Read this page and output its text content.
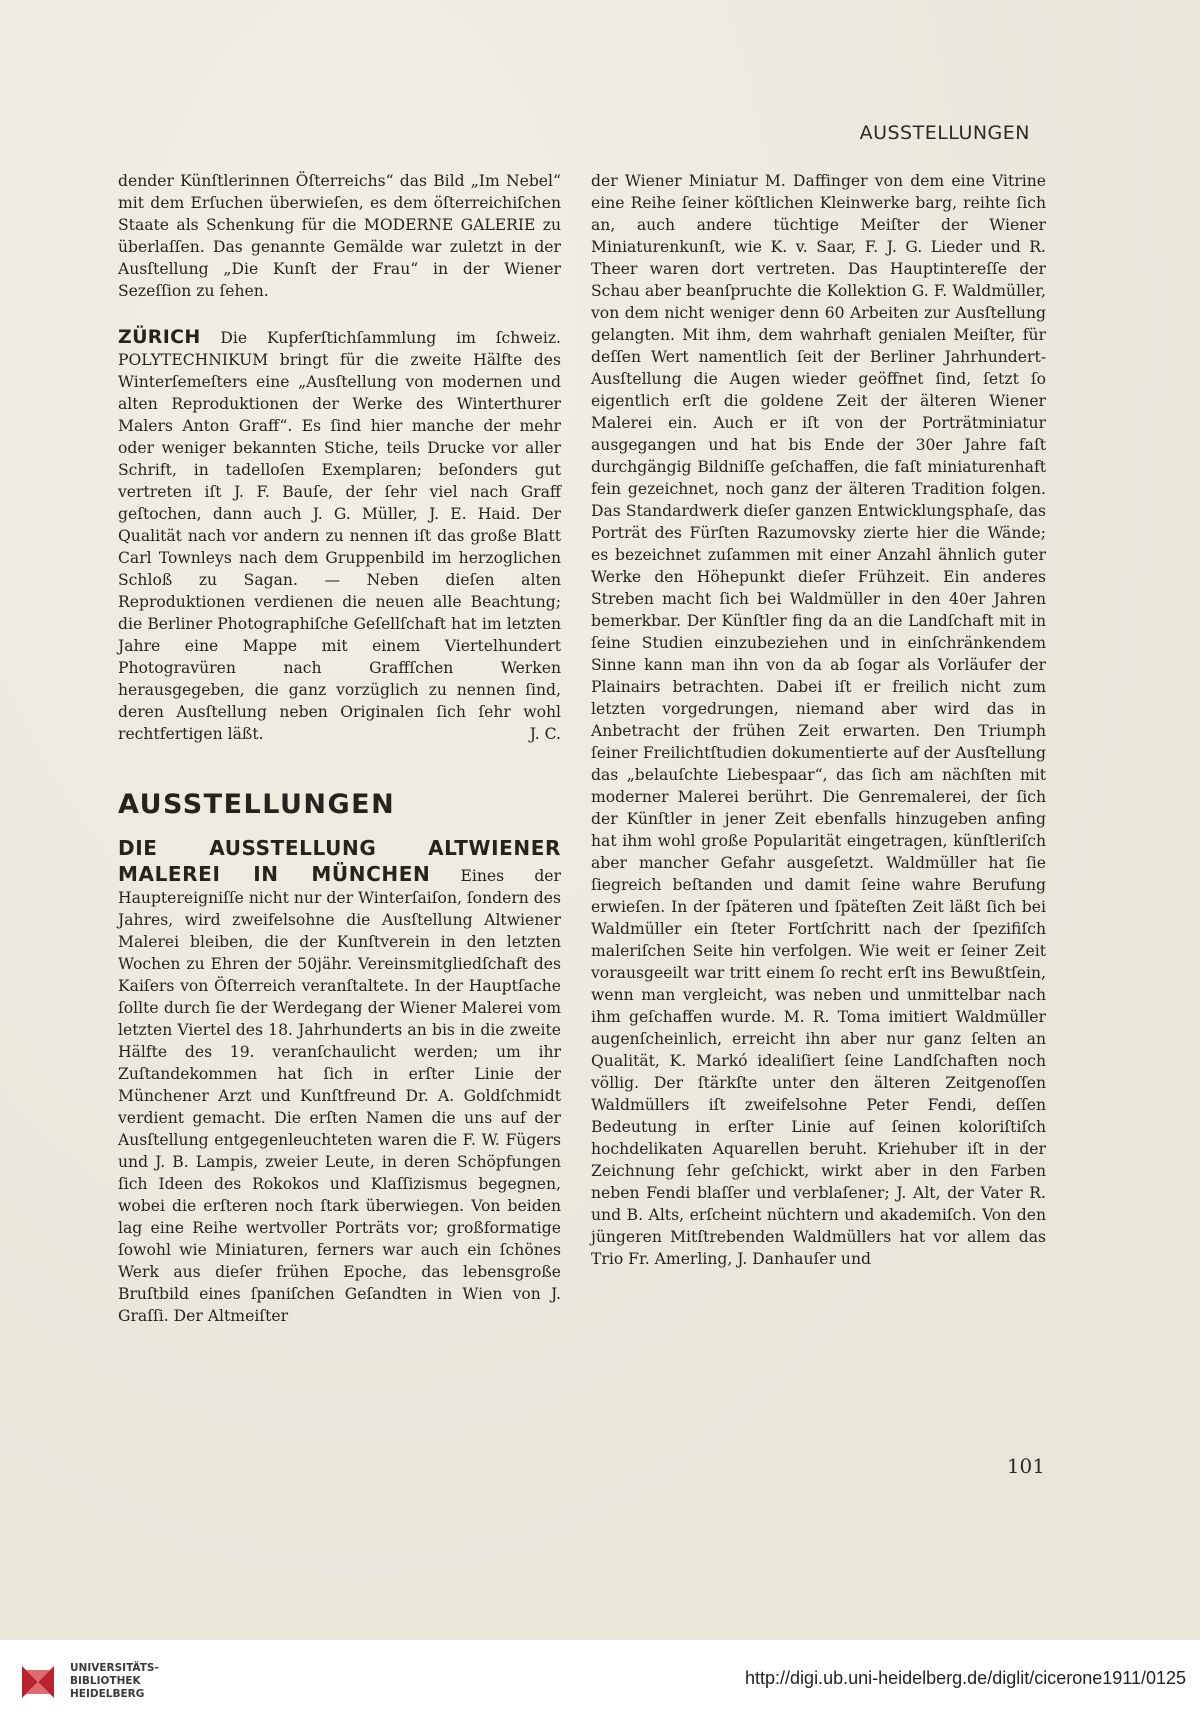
AUSSTELLUNGEN

dender Künſtlerinnen Öſterreichs“ das Bild „Im Nebel“ mit dem Erſuchen überwieſen, es dem öſterreichiſchen Staate als Schenkung für die MODERNE GALERIE zu überlaſſen. Das genannte Gemälde war zuletzt in der Ausſtellung „Die Kunſt der Frau“ in der Wiener Sezeſſion zu ſehen.

ZÜRICH Die Kupferſtichſammlung im ſchweiz. POLYTECHNIKUM bringt für die zweite Hälfte des Winterſemeſters eine „Ausſtellung von modernen und alten Reproduktionen der Werke des Winterthurer Malers Anton Graff“. Es ſind hier manche der mehr oder weniger bekannten Stiche, teils Drucke vor aller Schrift, in tadelloſen Exemplaren; beſonders gut vertreten iſt J. F. Bauſe, der ſehr viel nach Graff geſtochen, dann auch J. G. Müller, J. E. Haid. Der Qualität nach vor andern zu nennen iſt das große Blatt Carl Townleys nach dem Gruppenbild im herzoglichen Schloß zu Sagan. — Neben dieſen alten Reproduktionen verdienen die neuen alle Beachtung; die Berliner Photographiſche Geſellſchaft hat im letzten Jahre eine Mappe mit einem Viertelhundert Photogravüren nach Graffſchen Werken herausgegeben, die ganz vorzüglich zu nennen ſind, deren Ausſtellung neben Originalen ſich ſehr wohl rechtfertigen läßt.	J. C.

AUSSTELLUNGEN

DIE AUSSTELLUNG ALTWIENER MALEREI IN MÜNCHEN Eines der Hauptereigniſſe nicht nur der Winterſaiſon, ſondern des Jahres, wird zweifelsohne die Ausſtellung Altwiener Malerei bleiben, die der Kunſtverein in den letzten Wochen zu Ehren der 50jähr. Vereinsmitgliedſchaft des Kaiſers von Öſterreich veranſtaltete. In der Hauptſache ſollte durch ſie der Werdegang der Wiener Malerei vom letzten Viertel des 18. Jahrhunderts an bis in die zweite Hälfte des 19. veranſchaulicht werden; um ihr Zuſtandekommen hat ſich in erſter Linie der Münchener Arzt und Kunſtfreund Dr. A. Goldſchmidt verdient gemacht. Die erſten Namen die uns auf der Ausſtellung entgegenleuchteten waren die F. W. Fügers und J. B. Lampis, zweier Leute, in deren Schöpfungen ſich Ideen des Rokokos und Klaſſizismus begegnen, wobei die erſteren noch ſtark überwiegen. Von beiden lag eine Reihe wertvoller Porträts vor; großformatige ſowohl wie Miniaturen, ferners war auch ein ſchönes Werk aus dieſer frühen Epoche, das lebensgroße Bruſtbild eines ſpaniſchen Geſandten in Wien von J. Graſſi. Der Altmeiſter

der Wiener Miniatur M. Daffinger von dem eine Vitrine eine Reihe ſeiner köſtlichen Kleinwerke barg, reihte ſich an, auch andere tüchtige Meiſter der Wiener Miniaturenkunſt, wie K. v. Saar, F. J. G. Lieder und R. Theer waren dort vertreten. Das Hauptintereſſe der Schau aber beanſpruchte die Kollektion G. F. Waldmüller, von dem nicht weniger denn 60 Arbeiten zur Ausſtellung gelangten. Mit ihm, dem wahrhaft genialen Meiſter, für deſſen Wert namentlich ſeit der Berliner Jahrhundert-Ausſtellung die Augen wieder geöffnet ſind, ſetzt ſo eigentlich erſt die goldene Zeit der älteren Wiener Malerei ein. Auch er iſt von der Porträtminiatur ausgegangen und hat bis Ende der 30er Jahre faſt durchgängig Bildniſſe geſchaffen, die faſt miniaturenhaft fein gezeichnet, noch ganz der älteren Tradition folgen. Das Standardwerk dieſer ganzen Entwicklungsphaſe, das Porträt des Fürſten Razumovsky zierte hier die Wände; es bezeichnet zuſammen mit einer Anzahl ähnlich guter Werke den Höhepunkt dieſer Frühzeit. Ein anderes Streben macht ſich bei Waldmüller in den 40er Jahren bemerkbar. Der Künſtler fing da an die Landſchaft mit in ſeine Studien einzubeziehen und in einſchränkendem Sinne kann man ihn von da ab ſogar als Vorläufer der Plainairs betrachten. Dabei iſt er freilich nicht zum letzten vorgedrungen, niemand aber wird das in Anbetracht der frühen Zeit erwarten. Den Triumph ſeiner Freilichtſtudien dokumentierte auf der Ausſtellung das „belauſchte Liebespaar“, das ſich am nächſten mit moderner Malerei berührt. Die Genremalerei, der ſich der Künſtler in jener Zeit ebenfalls hinzugeben anfing hat ihm wohl große Popularität eingetragen, künſtleriſch aber mancher Gefahr ausgeſetzt. Waldmüller hat ſie ſiegreich beſtanden und damit ſeine wahre Berufung erwieſen. In der ſpäteren und ſpäteſten Zeit läßt ſich bei Waldmüller ein ſteter Fortſchritt nach der ſpezifiſch maleriſchen Seite hin verfolgen. Wie weit er ſeiner Zeit vorausgeeilt war tritt einem ſo recht erſt ins Bewußtſein, wenn man vergleicht, was neben und unmittelbar nach ihm geſchaffen wurde. M. R. Toma imitiert Waldmüller augenſcheinlich, erreicht ihn aber nur ganz ſelten an Qualität, K. Markó idealiſiert ſeine Landſchaften noch völlig. Der ſtärkſte unter den älteren Zeitgenoſſen Waldmüllers iſt zweifelsohne Peter Fendi, deſſen Bedeutung in erſter Linie auf ſeinen koloriſtiſch hochdelikaten Aquarellen beruht. Kriehuber iſt in der Zeichnung ſehr geſchickt, wirkt aber in den Farben neben Fendi blaſſer und verblaſener; J. Alt, der Vater R. und B. Alts, erſcheint nüchtern und akademiſch. Von den jüngeren Mitſtrebenden Waldmüllers hat vor allem das Trio Fr. Amerling, J. Danhauſer und

101
UNIVERSITÄTS-
BIBLIOTHEK
HEIDELBERG
http://digi.ub.uni-heidelberg.de/diglit/cicerone1911/0125
